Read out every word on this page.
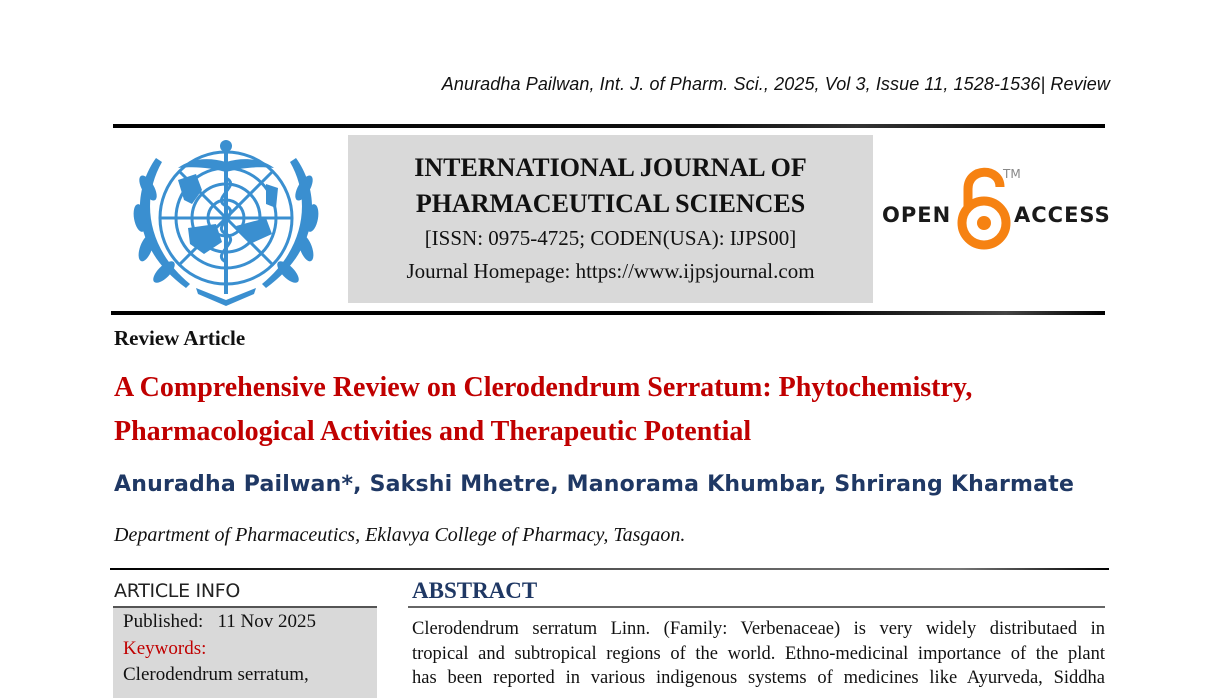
Anuradha Pailwan, Int. J. of Pharm. Sci., 2025, Vol 3, Issue 11, 1528-1536| Review
INTERNATIONAL JOURNAL OF
PHARMACEUTICAL SCIENCES
[ISSN: 0975-4725; CODEN(USA): IJPS00]
Journal Homepage: https://www.ijpsjournal.com
OPEN
TM
ACCESS
Review Article
A Comprehensive Review on Clerodendrum Serratum: Phytochemistry,
Pharmacological Activities and Therapeutic Potential
Anuradha Pailwan*, Sakshi Mhetre, Manorama Khumbar, Shrirang Kharmate
Department of Pharmaceutics, Eklavya College of Pharmacy, Tasgaon.
ARTICLE INFO
Published: 11 Nov 2025
Keywords:
Clerodendrum serratum,
ABSTRACT
Clerodendrum serratum Linn. (Family: Verbenaceae) is very widely distributaed in
tropical and subtropical regions of the world. Ethno-medicinal importance of the plant
has been reported in various indigenous systems of medicines like Ayurveda, Siddha
